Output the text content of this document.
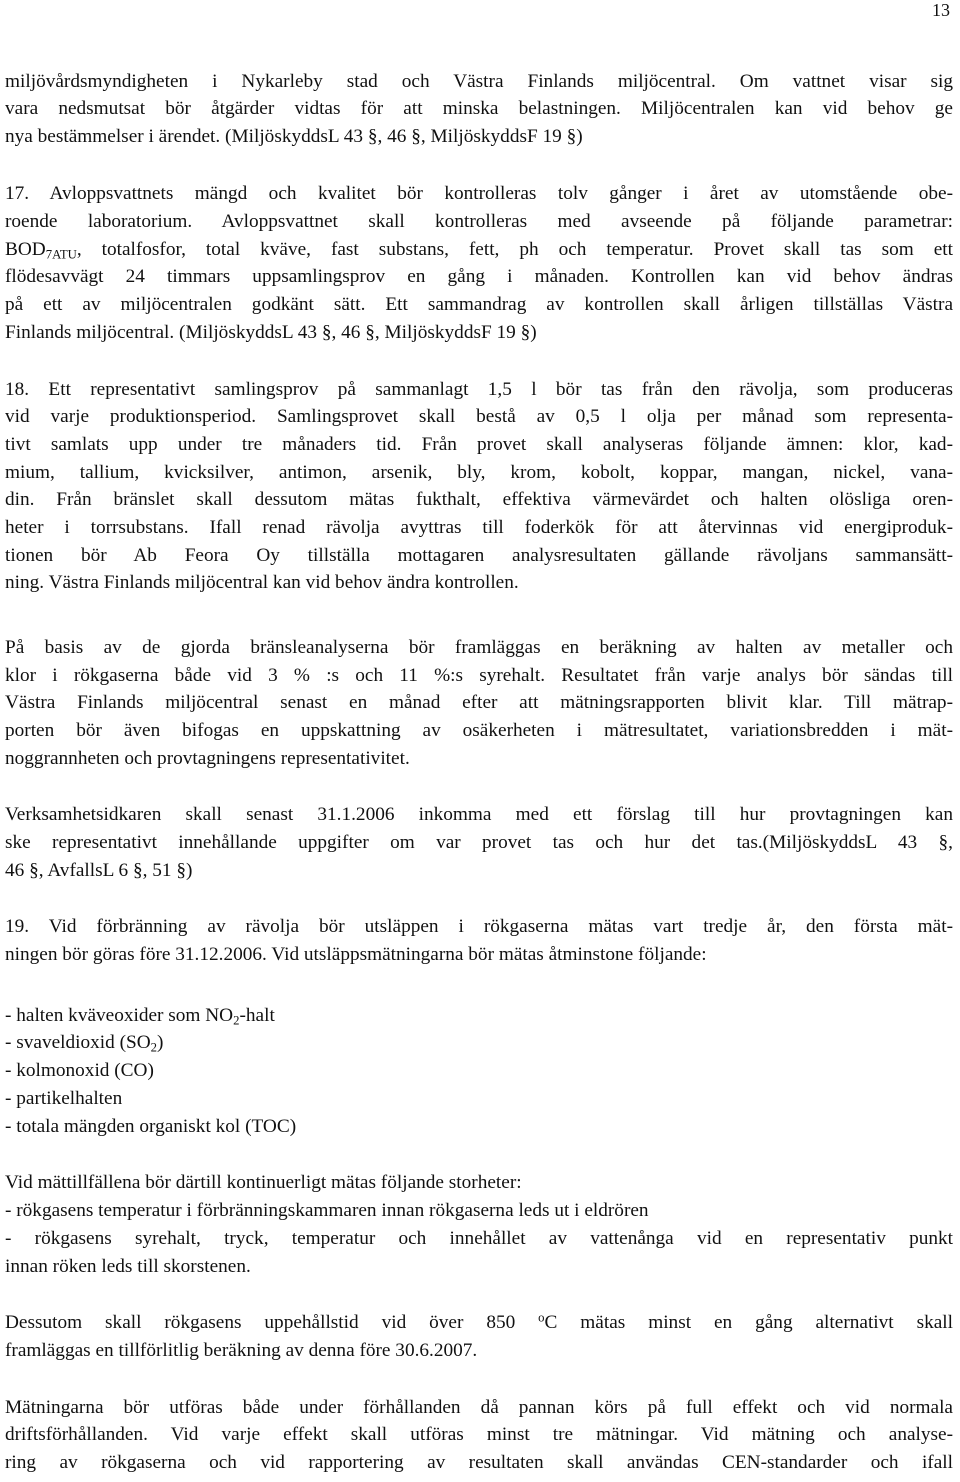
13
miljövårdsmyndigheten i Nykarleby stad och Västra Finlands miljöcentral. Om vattnet visar sig
vara nedsmutsat bör åtgärder vidtas för att minska belastningen. Miljöcentralen kan vid behov ge
nya bestämmelser i ärendet. (MiljöskyddsL 43 §, 46 §, MiljöskyddsF 19 §)
17. Avloppsvattnets mängd och kvalitet bör kontrolleras tolv gånger i året av utomstående obe-
roende laboratorium. Avloppsvattnet skall kontrolleras med avseende på följande parametrar:
$BOD_{7ATU}$, totalfosfor, total kväve, fast substans, fett, ph och temperatur. Provet skall tas som ett
flödesavvägt 24 timmars uppsamlingsprov en gång i månaden. Kontrollen kan vid behov ändras
på ett av miljöcentralen godkänt sätt. Ett sammandrag av kontrollen skall årligen tillställas Västra
Finlands miljöcentral. (MiljöskyddsL 43 §, 46 §, MiljöskyddsF 19 §)
18. Ett representativt samlingsprov på sammanlagt 1,5 l bör tas från den rävolja, som produceras
vid varje produktionsperiod. Samlingsprovet skall bestå av 0,5 l olja per månad som representa-
tivt samlats upp under tre månaders tid. Från provet skall analyseras följande ämnen: klor, kad-
mium, tallium, kvicksilver, antimon, arsenik, bly, krom, kobolt, koppar, mangan, nickel, vana-
din. Från bränslet skall dessutom mätas fukthalt, effektiva värmevärdet och halten olösliga oren-
heter i torrsubstans. Ifall renad rävolja avyttras till foderkök för att återvinnas vid energiproduk-
tionen bör Ab Feora Oy tillställa mottagaren analysresultaten gällande rävoljans sammansätt-
ning. Västra Finlands miljöcentral kan vid behov ändra kontrollen.
På basis av de gjorda bränsleanalyserna bör framläggas en beräkning av halten av metaller och
klor i rökgaserna både vid 3 % :s och 11 %:s syrehalt. Resultatet från varje analys bör sändas till
Västra Finlands miljöcentral senast en månad efter att mätningsrapporten blivit klar. Till mätrap-
porten bör även bifogas en uppskattning av osäkerheten i mätresultatet, variationsbredden i mät-
noggrannheten och provtagningens representativitet.
Verksamhetsidkaren skall senast 31.1.2006 inkomma med ett förslag till hur provtagningen kan
ske representativt innehållande uppgifter om var provet tas och hur det tas.(MiljöskyddsL 43 §,
46 §, AvfallsL 6 §, 51 §)
19. Vid förbränning av rävolja bör utsläppen i rökgaserna mätas vart tredje år, den första mät-
ningen bör göras före 31.12.2006. Vid utsläppsmätningarna bör mätas åtminstone följande:
- halten kväveoxider som $NO_2$-halt
- svaveldioxid $(SO_2)$
- kolmonoxid (CO)
- partikelhalten
- totala mängden organiskt kol (TOC)
Vid mättillfällena bör därtill kontinuerligt mätas följande storheter:
- rökgasens temperatur i förbränningskammaren innan rökgaserna leds ut i eldrören
- rökgasens syrehalt, tryck, temperatur och innehållet av vattenånga vid en representativ punkt
innan röken leds till skorstenen.
Dessutom skall rökgasens uppehållstid vid över 850 $^o$C mätas minst en gång alternativt skall
framläggas en tillförlitlig beräkning av denna före 30.6.2007.
Mätningarna bör utföras både under förhållanden då pannan körs på full effekt och vid normala
driftsförhållanden. Vid varje effekt skall utföras minst tre mätningar. Vid mätning och analyse-
ring av rökgaserna och vid rapportering av resultaten skall användas CEN-standarder och ifall
